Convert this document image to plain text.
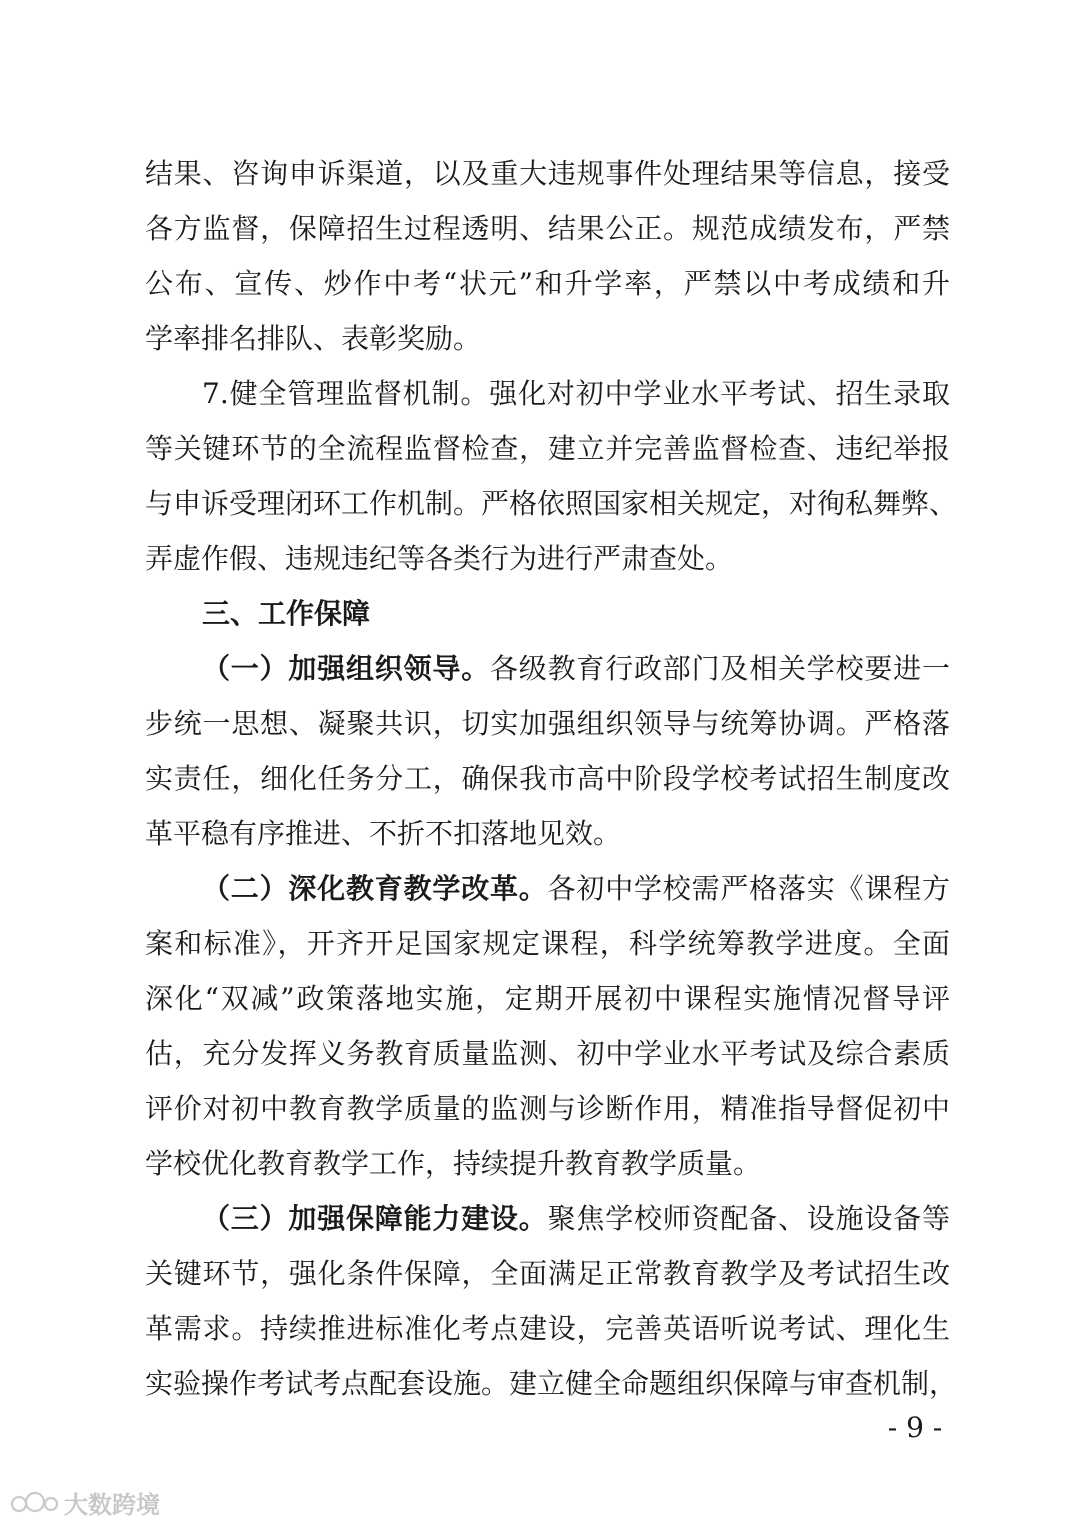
结果、咨询申诉渠道，以及重大违规事件处理结果等信息，接受
各方监督，保障招生过程透明、结果公正。规范成绩发布，严禁
公布、宣传、炒作中考“状元”和升学率，严禁以中考成绩和升
学率排名排队、表彰奖励。
7.健全管理监督机制。强化对初中学业水平考试、招生录取
等关键环节的全流程监督检查，建立并完善监督检查、违纪举报
与申诉受理闭环工作机制。严格依照国家相关规定，对徇私舞弊、
弄虚作假、违规违纪等各类行为进行严肃查处。
三、工作保障
（一）加强组织领导。各级教育行政部门及相关学校要进一
步统一思想、凝聚共识，切实加强组织领导与统筹协调。严格落
实责任，细化任务分工，确保我市高中阶段学校考试招生制度改
革平稳有序推进、不折不扣落地见效。
（二）深化教育教学改革。各初中学校需严格落实《课程方
案和标准》，开齐开足国家规定课程，科学统筹教学进度。全面
深化“双减”政策落地实施，定期开展初中课程实施情况督导评
估，充分发挥义务教育质量监测、初中学业水平考试及综合素质
评价对初中教育教学质量的监测与诊断作用，精准指导督促初中
学校优化教育教学工作，持续提升教育教学质量。
（三）加强保障能力建设。聚焦学校师资配备、设施设备等
关键环节，强化条件保障，全面满足正常教育教学及考试招生改
革需求。持续推进标准化考点建设，完善英语听说考试、理化生
实验操作考试考点配套设施。建立健全命题组织保障与审查机制，
- 9 -
大数跨境
